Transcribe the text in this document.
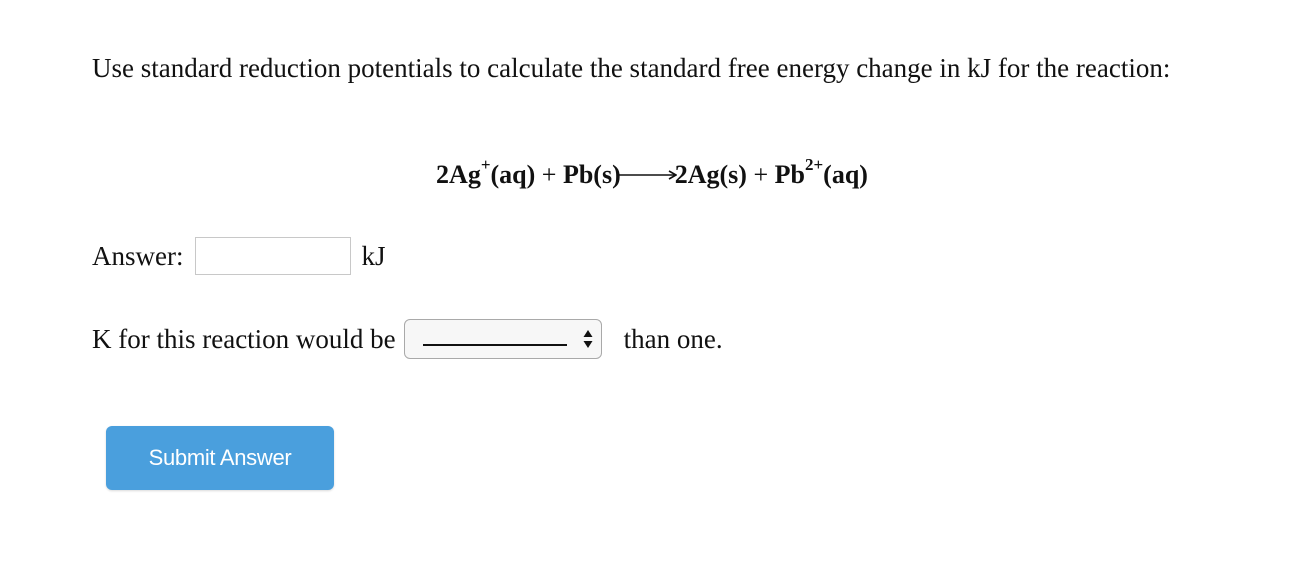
Use standard reduction potentials to calculate the standard free energy change in kJ for the reaction:
2Ag+(aq) + Pb(s) $2Ag(s) + Pb^{2+}(aq)$
Answer:	kJ
K for this reaction would be	than one.
Submit Answer
